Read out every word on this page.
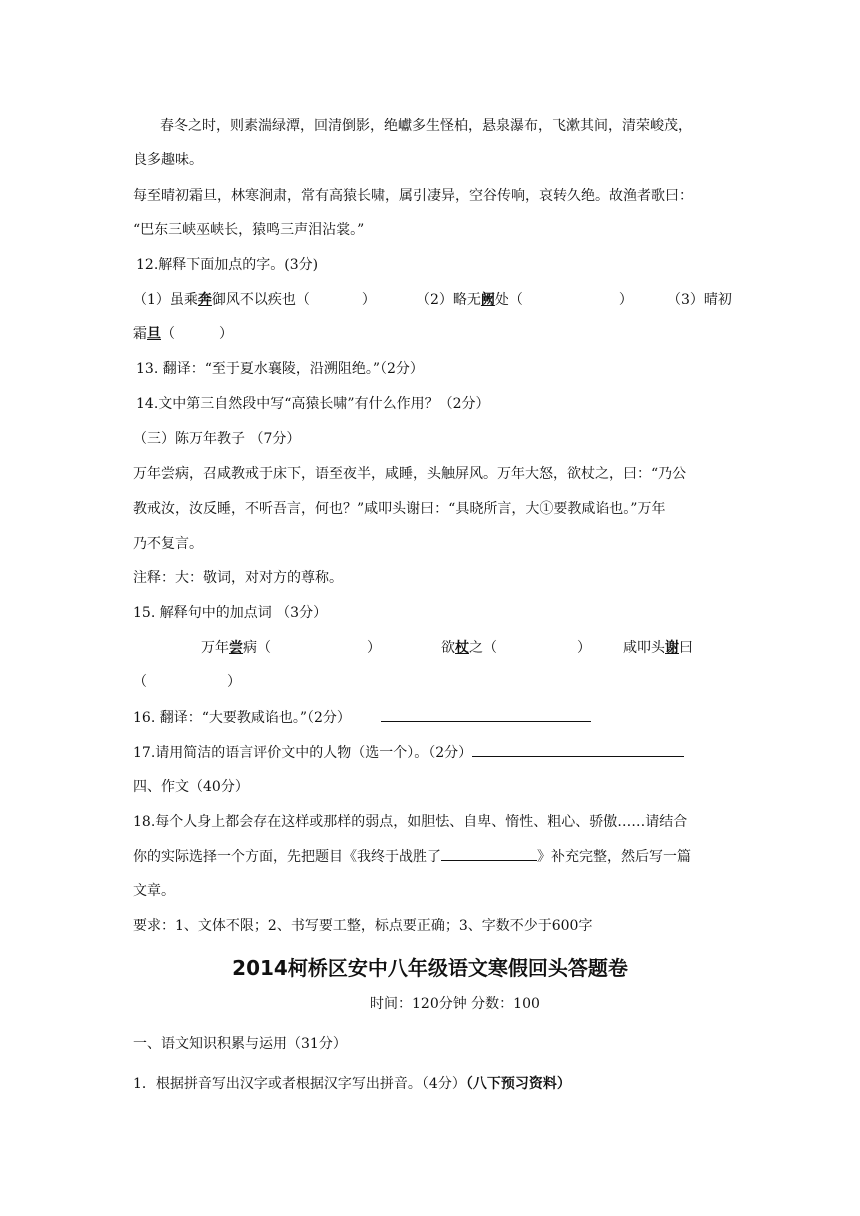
春冬之时，则素湍绿潭，回清倒影，绝巘多生怪柏，悬泉瀑布，飞漱其间，清荣峻茂，
良多趣味。
每至晴初霜旦，林寒涧肃，常有高猿长啸，属引凄异，空谷传响，哀转久绝。故渔者歌曰：
“巴东三峡巫峡长，猿鸣三声泪沾裳。”
12.解释下面加点的字。(3分)
（1）虽乘奔御风不以疾也（	）	（2）略无阙处（	） （3）晴初
霜旦（	）
13. 翻译：“至于夏水襄陵，沿溯阻绝。”（2分）
14.文中第三自然段中写“高猿长啸”有什么作用？（2分）
（三）陈万年教子 （7分）
万年尝病，召咸教戒于床下，语至夜半，咸睡，头触屏风。万年大怒，欲杖之，曰：“乃公
教戒汝，汝反睡，不听吾言，何也？”咸叩头谢曰：“具晓所言，大①要教咸谄也。”万年
乃不复言。
注释：大：敬词，对对方的尊称。
15. 解释句中的加点词 （3分）
万年尝病（	）	欲杖之（	） 咸叩头谢曰
（	）
16. 翻译：“大要教咸谄也。”（2分）
17.请用简洁的语言评价文中的人物（选一个）。（2分）
四、作文（40分）
18.每个人身上都会存在这样或那样的弱点，如胆怯、自卑、惰性、粗心、骄傲……请结合
你的实际选择一个方面，先把题目《我终于战胜了	》补充完整，然后写一篇
文章。
要求：1、文体不限；2、书写要工整，标点要正确；3、字数不少于600字
2014柯桥区安中八年级语文寒假回头答题卷
时间：120分钟 分数：100
一、语文知识积累与运用（31分）
1．根据拼音写出汉字或者根据汉字写出拼音。（4分）（八下预习资料）
